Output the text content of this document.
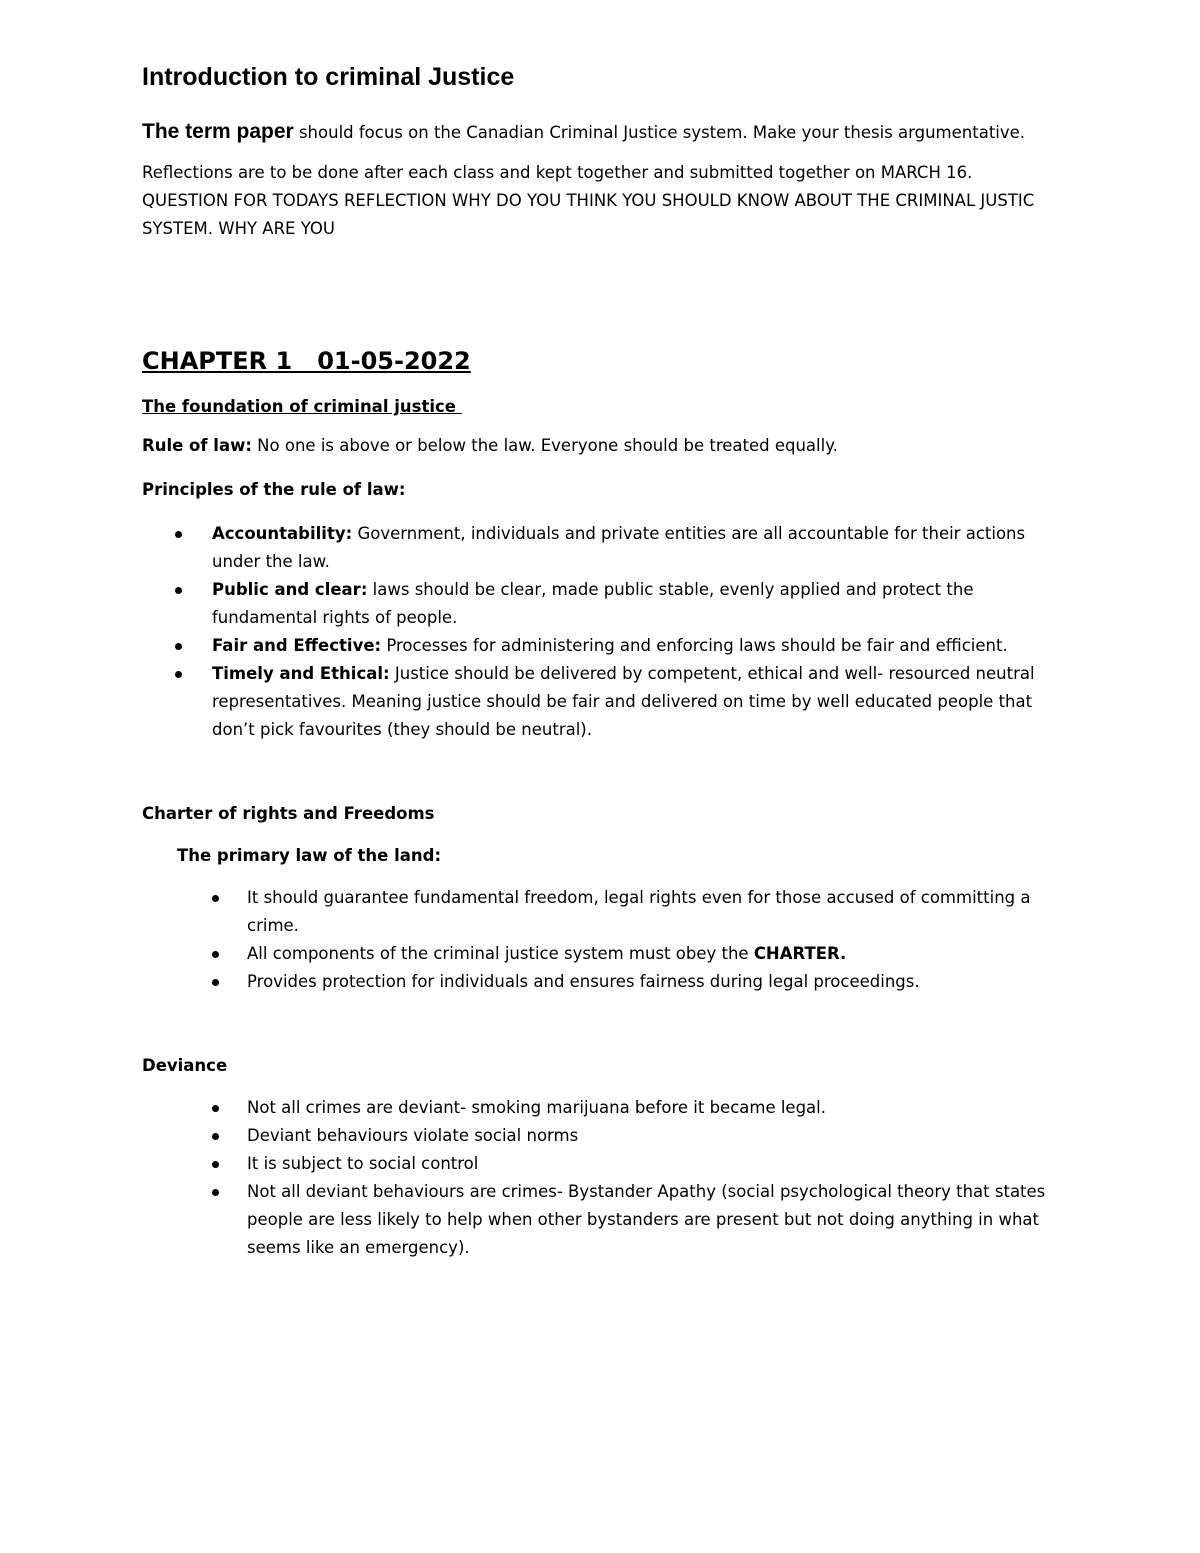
Introduction to criminal Justice

The term paper should focus on the Canadian Criminal Justice system. Make your thesis argumentative.

Reflections are to be done after each class and kept together and submitted together on MARCH 16. QUESTION FOR TODAYS REFLECTION WHY DO YOU THINK YOU SHOULD KNOW ABOUT THE CRIMINAL JUSTIC SYSTEM. WHY ARE YOU

CHAPTER 1   01-05-2022
The foundation of criminal justice

Rule of law: No one is above or below the law. Everyone should be treated equally.

Principles of the rule of law:

Accountability: Government, individuals and private entities are all accountable for their actions under the law.
Public and clear: laws should be clear, made public stable, evenly applied and protect the fundamental rights of people.
Fair and Effective: Processes for administering and enforcing laws should be fair and efficient.
Timely and Ethical: Justice should be delivered by competent, ethical and well- resourced neutral representatives. Meaning justice should be fair and delivered on time by well educated people that don’t pick favourites (they should be neutral).

Charter of rights and Freedoms

The primary law of the land:

It should guarantee fundamental freedom, legal rights even for those accused of committing a crime.
All components of the criminal justice system must obey the CHARTER.
Provides protection for individuals and ensures fairness during legal proceedings.

Deviance

Not all crimes are deviant- smoking marijuana before it became legal.
Deviant behaviours violate social norms
It is subject to social control
Not all deviant behaviours are crimes- Bystander Apathy (social psychological theory that states people are less likely to help when other bystanders are present but not doing anything in what seems like an emergency).
